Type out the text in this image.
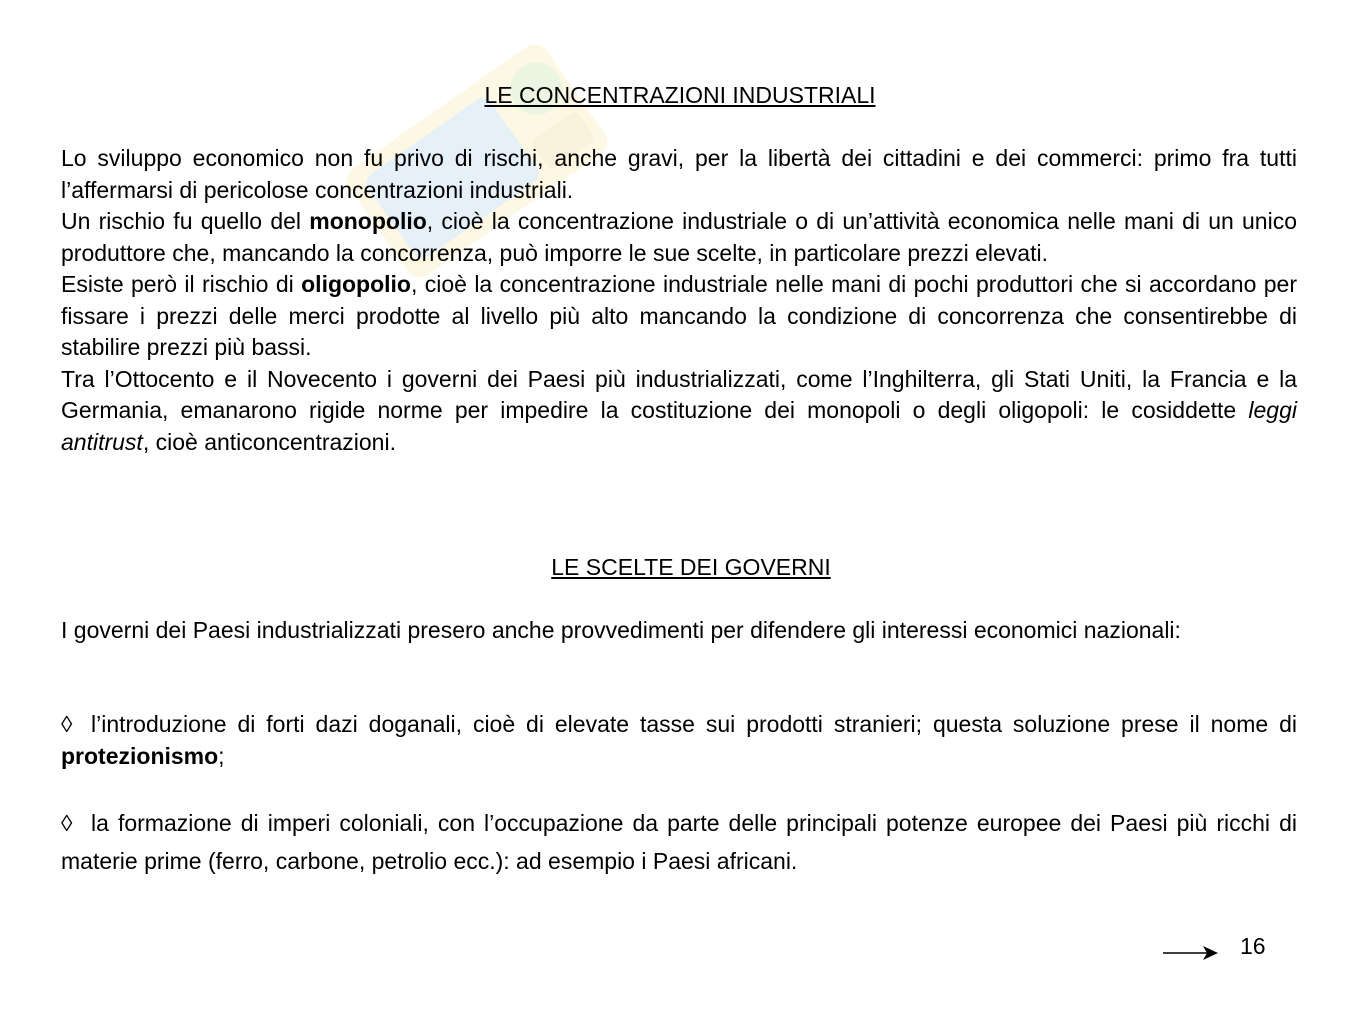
LE CONCENTRAZIONI INDUSTRIALI

Lo sviluppo economico non fu privo di rischi, anche gravi, per la libertà dei cittadini e dei commerci: primo fra tutti l’affermarsi di pericolose concentrazioni industriali.

Un rischio fu quello del monopolio, cioè la concentrazione industriale o di un’attività economica nelle mani di un unico produttore che, mancando la concorrenza, può imporre le sue scelte, in particolare prezzi elevati.

Esiste però il rischio di oligopolio, cioè la concentrazione industriale nelle mani di pochi produttori che si accordano per fissare i prezzi delle merci prodotte al livello più alto mancando la condizione di concorrenza che consentirebbe di stabilire prezzi più bassi.

Tra l’Ottocento e il Novecento i governi dei Paesi più industrializzati, come l’Inghilterra, gli Stati Uniti, la Francia e la Germania, emanarono rigide norme per impedire la costituzione dei monopoli o degli oligopoli: le cosiddette leggi antitrust, cioè anticoncentrazioni.

LE SCELTE DEI GOVERNI

I governi dei Paesi industrializzati presero anche provvedimenti per difendere gli interessi economici nazionali:

◊ l’introduzione di forti dazi doganali, cioè di elevate tasse sui prodotti stranieri; questa soluzione prese il nome di protezionismo;

◊ la formazione di imperi coloniali, con l’occupazione da parte delle principali potenze europee dei Paesi più ricchi di materie prime (ferro, carbone, petrolio ecc.): ad esempio i Paesi africani.

16
